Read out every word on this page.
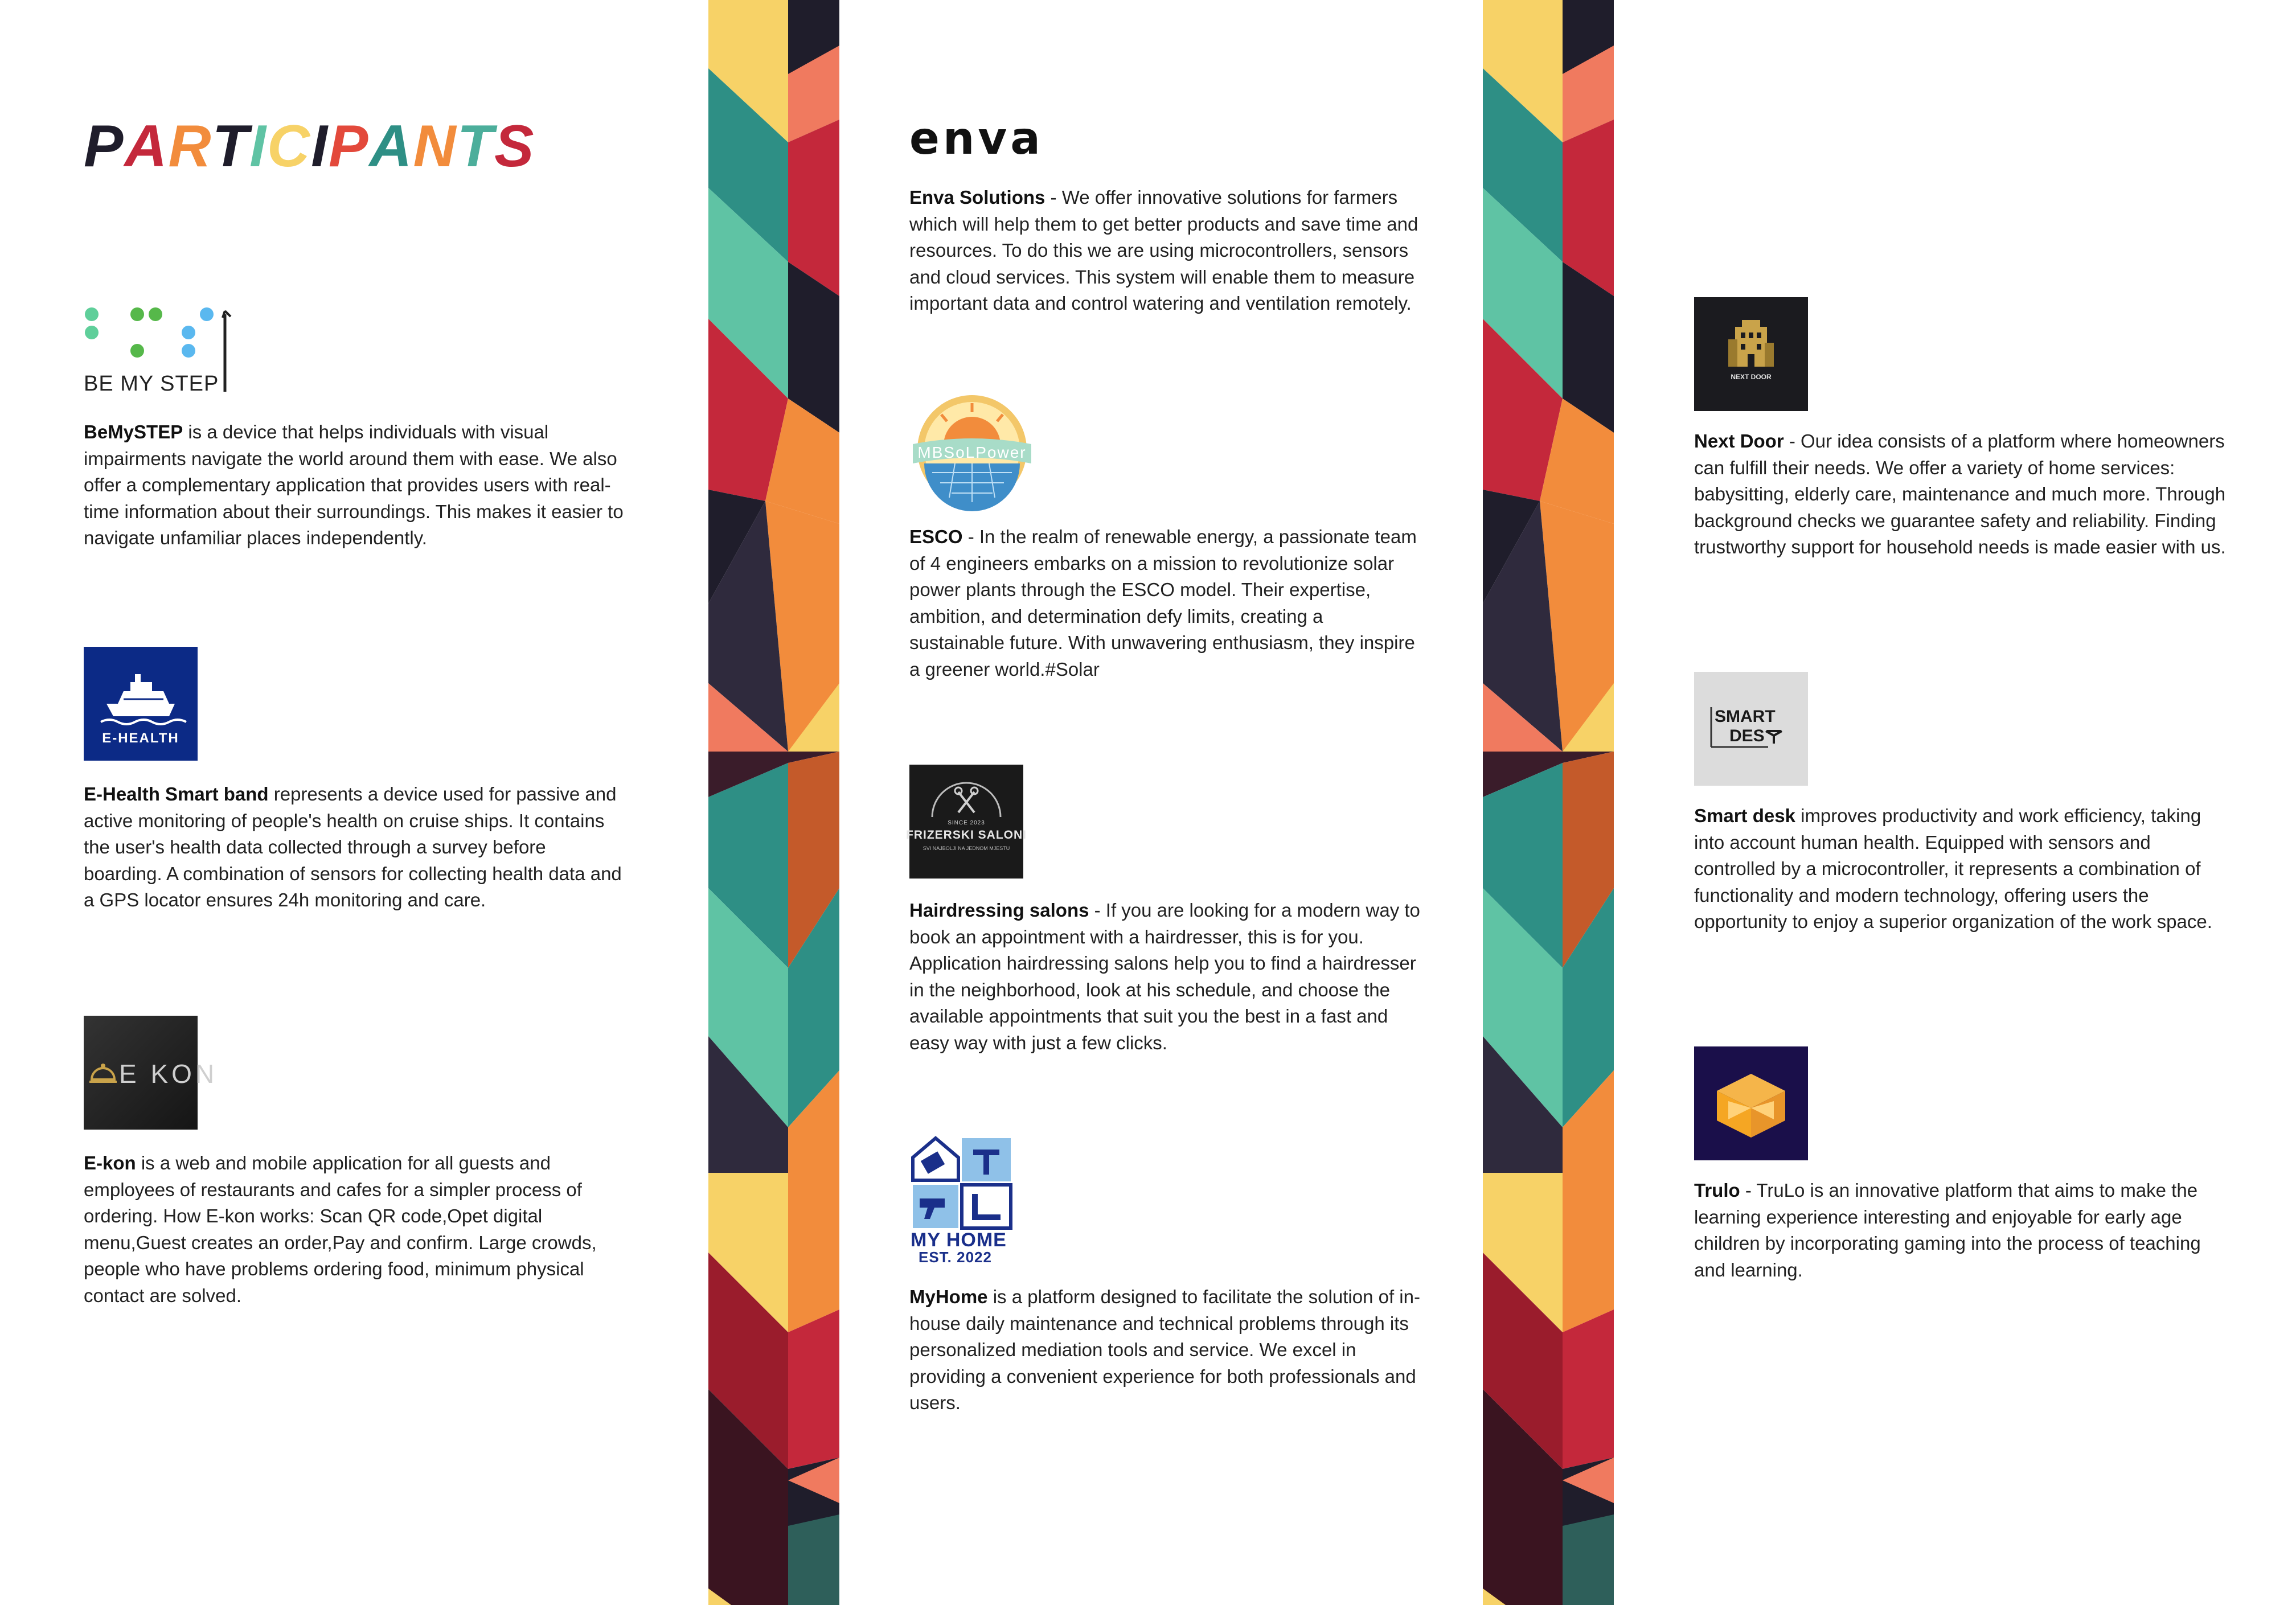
PARTICIPANTS
BE MY STEP

BeMySTEP is a device that helps individuals with visual impairments navigate the world around them with ease. We also offer a complementary application that provides users with real-time information about their surroundings. This makes it easier to navigate unfamiliar places independently.

E-HEALTH

E-Health Smart band represents a device used for passive and active monitoring of people's health on cruise ships. It contains the user's health data collected through a survey before boarding. A combination of sensors for collecting health data and a GPS locator ensures 24h monitoring and care.

E KON

E-kon is a web and mobile application for all guests and employees of restaurants and cafes for a simpler process of ordering. How E-kon works: Scan QR code,Opet digital menu,Guest creates an order,Pay and confirm. Large crowds, people who have problems ordering food, minimum physical contact are solved.

enva

Enva Solutions - We offer innovative solutions for farmers which will help them to get better products and save time and resources. To do this we are using microcontrollers, sensors and cloud services. This system will enable them to measure important data and control watering and ventilation remotely.

MBSoLPower

ESCO - In the realm of renewable energy, a passionate team of 4 engineers embarks on a mission to revolutionize solar power plants through the ESCO model. Their expertise, ambition, and determination defy limits, creating a sustainable future. With unwavering enthusiasm, they inspire a greener world.#Solar

SINCE 2023
FRIZERSKI SALONI
SVI NAJBOLJI NA JEDNOM MJESTU

Hairdressing salons - If you are looking for a modern way to book an appointment with a hairdresser, this is for you. Application hairdressing salons help you to find a hairdresser in the neighborhood, look at his schedule, and choose the available appointments that suit you the best in a fast and easy way with just a few clicks.

MY HOME
EST. 2022

MyHome is a platform designed to facilitate the solution of in-house daily maintenance and technical problems through its personalized mediation tools and service. We excel in providing a convenient experience for both professionals and users.

NEXT DOOR

Next Door - Our idea consists of a platform where homeowners can fulfill their needs. We offer a variety of home services: babysitting, elderly care, maintenance and much more. Through background checks we guarantee safety and reliability. Finding trustworthy support for household needs is made easier with us.

SMART
DES

Smart desk improves productivity and work efficiency, taking into account human health. Equipped with sensors and controlled by a microcontroller, it represents a combination of functionality and modern technology, offering users the opportunity to enjoy a superior organization of the work space.

Trulo - TruLo is an innovative platform that aims to make the learning experience interesting and enjoyable for early age children by incorporating gaming into the process of teaching and learning.
